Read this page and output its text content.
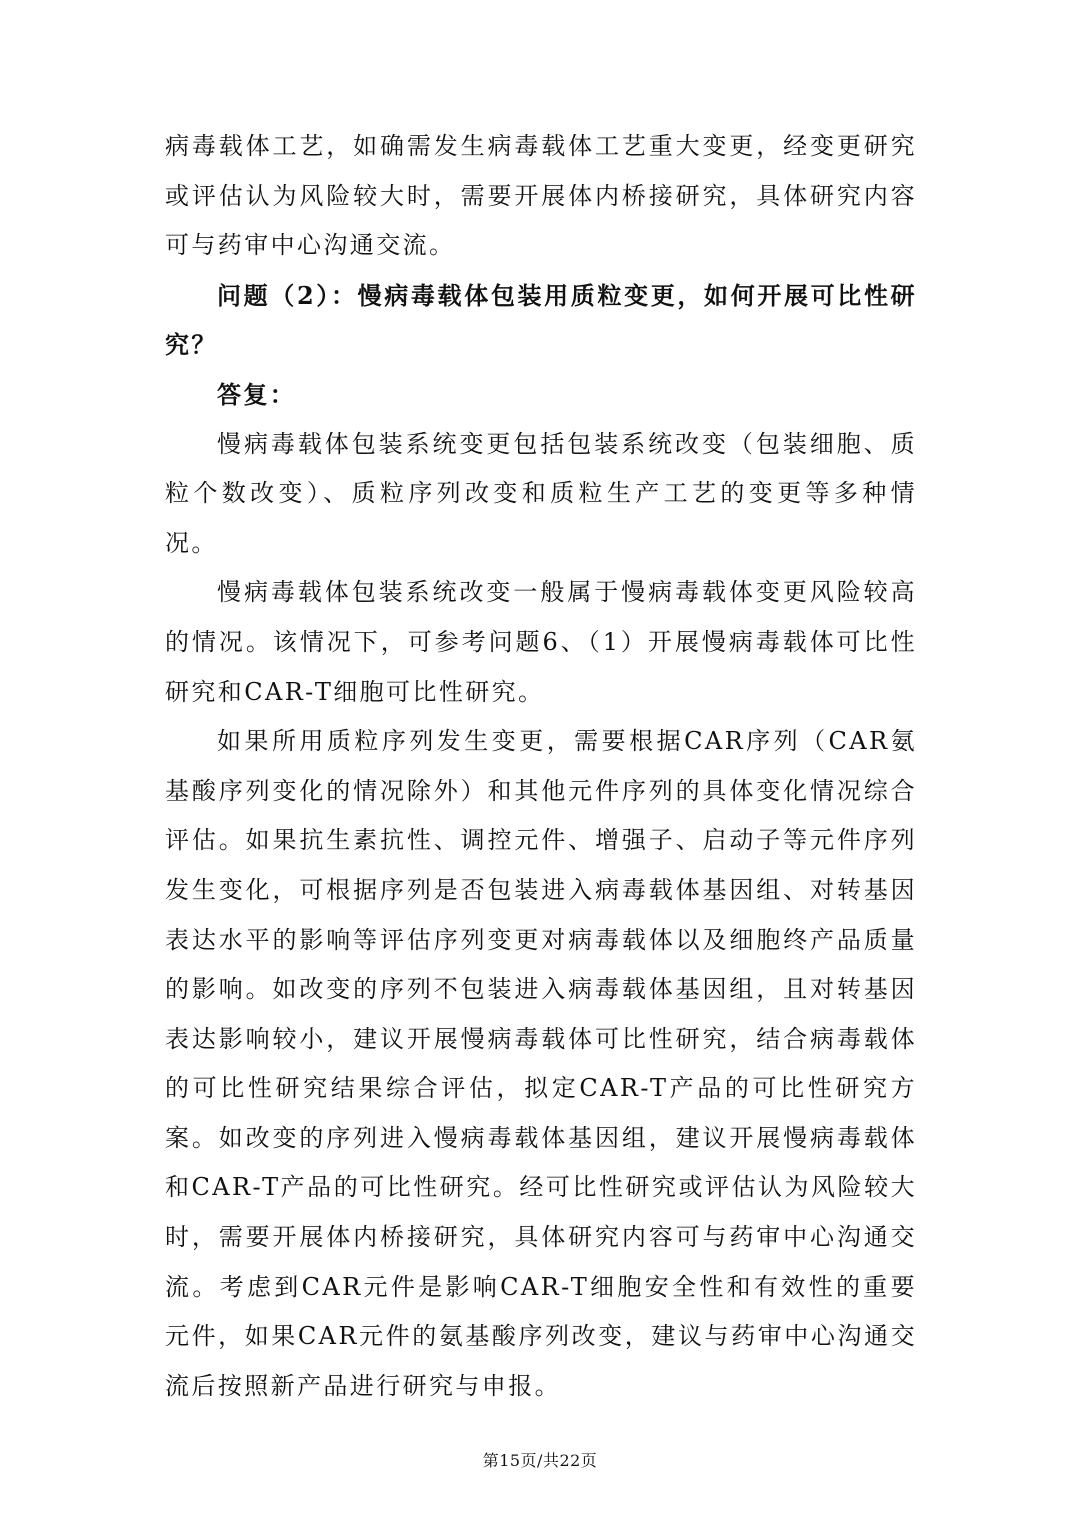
病毒载体工艺，如确需发生病毒载体工艺重大变更，经变更研究或评估认为风险较大时，需要开展体内桥接研究，具体研究内容可与药审中心沟通交流。

问题（2）：慢病毒载体包装用质粒变更，如何开展可比性研究？

答复：

慢病毒载体包装系统变更包括包装系统改变（包装细胞、质粒个数改变）、质粒序列改变和质粒生产工艺的变更等多种情况。

慢病毒载体包装系统改变一般属于慢病毒载体变更风险较高的情况。该情况下，可参考问题6、（1）开展慢病毒载体可比性研究和CAR-T细胞可比性研究。

如果所用质粒序列发生变更，需要根据CAR序列（CAR氨基酸序列变化的情况除外）和其他元件序列的具体变化情况综合评估。如果抗生素抗性、调控元件、增强子、启动子等元件序列发生变化，可根据序列是否包装进入病毒载体基因组、对转基因表达水平的影响等评估序列变更对病毒载体以及细胞终产品质量的影响。如改变的序列不包装进入病毒载体基因组，且对转基因表达影响较小，建议开展慢病毒载体可比性研究，结合病毒载体的可比性研究结果综合评估，拟定CAR-T产品的可比性研究方案。如改变的序列进入慢病毒载体基因组，建议开展慢病毒载体和CAR-T产品的可比性研究。经可比性研究或评估认为风险较大时，需要开展体内桥接研究，具体研究内容可与药审中心沟通交流。考虑到CAR元件是影响CAR-T细胞安全性和有效性的重要元件，如果CAR元件的氨基酸序列改变，建议与药审中心沟通交流后按照新产品进行研究与申报。

第15页/共22页
